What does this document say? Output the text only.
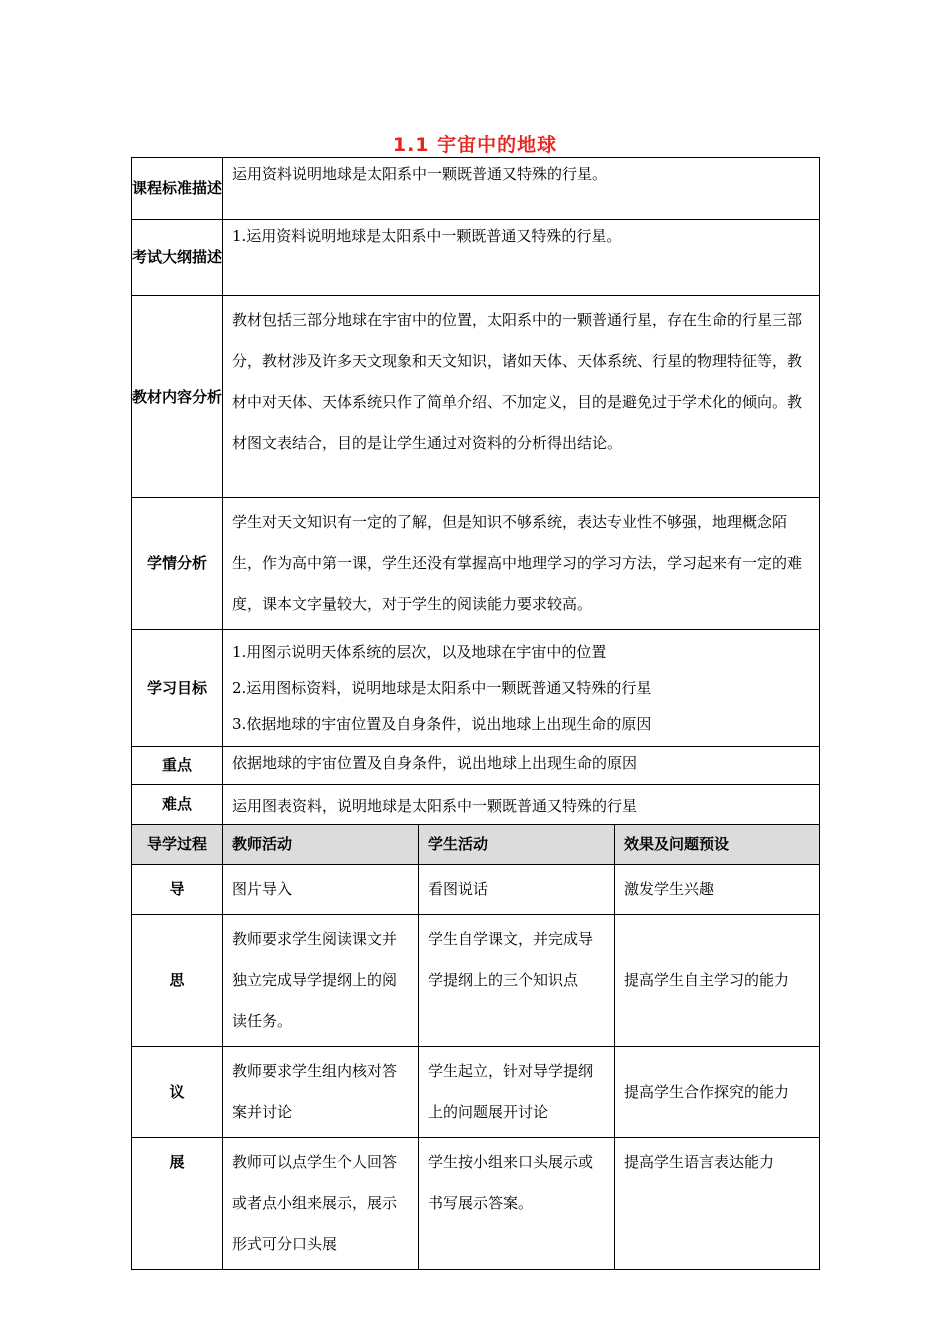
1.1 宇宙中的地球
课程标准描述	运用资料说明地球是太阳系中一颗既普通又特殊的行星。		
考试大纲描述	1.运用资料说明地球是太阳系中一颗既普通又特殊的行星。		
教材内容分析	教材包括三部分地球在宇宙中的位置，太阳系中的一颗普通行星，存在生命的行星三部分，教材涉及许多天文现象和天文知识，诸如天体、天体系统、行星的物理特征等，教材中对天体、天体系统只作了简单介绍、不加定义，目的是避免过于学术化的倾向。教材图文表结合，目的是让学生通过对资料的分析得出结论。		
学情分析	学生对天文知识有一定的了解，但是知识不够系统，表达专业性不够强，地理概念陌生，作为高中第一课，学生还没有掌握高中地理学习的学习方法，学习起来有一定的难度，课本文字量较大，对于学生的阅读能力要求较高。		
学习目标	1.用图示说明天体系统的层次，以及地球在宇宙中的位置
2.运用图标资料，说明地球是太阳系中一颗既普通又特殊的行星
3.依据地球的宇宙位置及自身条件，说出地球上出现生命的原因		

重点	依据地球的宇宙位置及自身条件，说出地球上出现生命的原因		
难点	运用图表资料，说明地球是太阳系中一颗既普通又特殊的行星		
导学过程	教师活动	学生活动	效果及问题预设
导	图片导入	看图说话	激发学生兴趣
思	教师要求学生阅读课文并独立完成导学提纲上的阅读任务。	学生自学课文，并完成导学提纲上的三个知识点	提高学生自主学习的能力
议	教师要求学生组内核对答案并讨论	学生起立，针对导学提纲上的问题展开讨论	提高学生合作探究的能力
展	教师可以点学生个人回答或者点小组来展示，展示形式可分口头展	学生按小组来口头展示或书写展示答案。	提高学生语言表达能力
